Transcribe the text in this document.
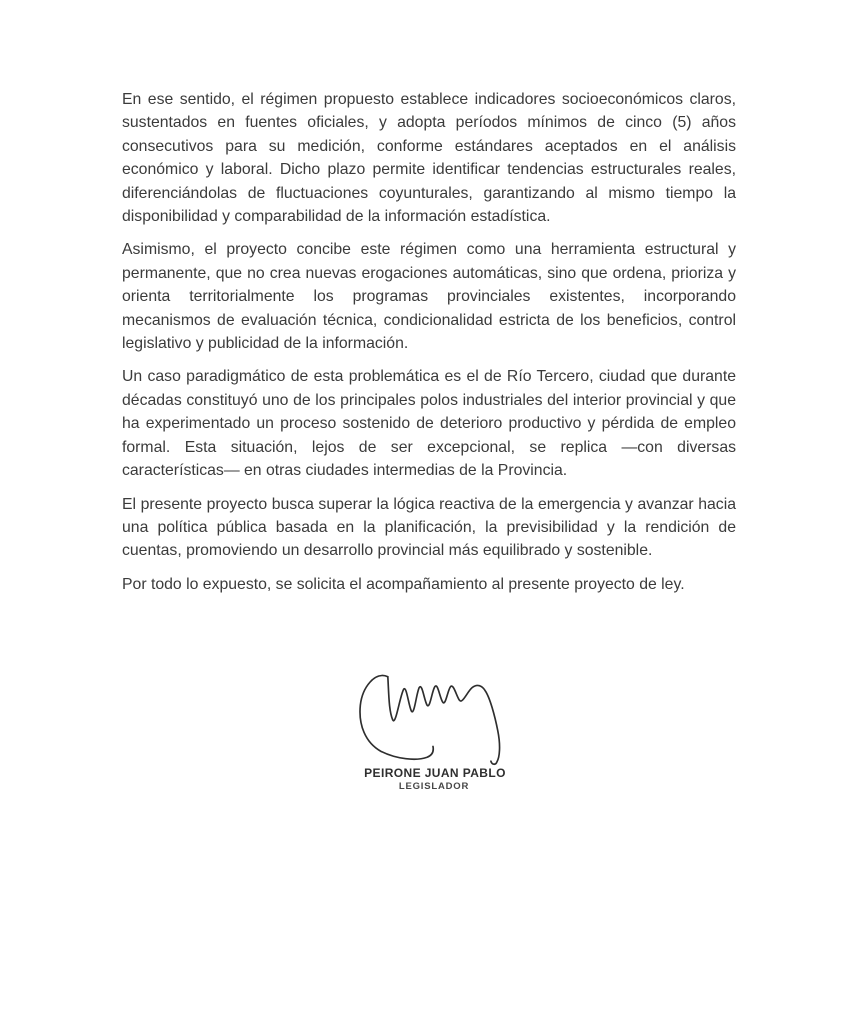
En ese sentido, el régimen propuesto establece indicadores socioeconómicos claros, sustentados en fuentes oficiales, y adopta períodos mínimos de cinco (5) años consecutivos para su medición, conforme estándares aceptados en el análisis económico y laboral. Dicho plazo permite identificar tendencias estructurales reales, diferenciándolas de fluctuaciones coyunturales, garantizando al mismo tiempo la disponibilidad y comparabilidad de la información estadística.

Asimismo, el proyecto concibe este régimen como una herramienta estructural y permanente, que no crea nuevas erogaciones automáticas, sino que ordena, prioriza y orienta territorialmente los programas provinciales existentes, incorporando mecanismos de evaluación técnica, condicionalidad estricta de los beneficios, control legislativo y publicidad de la información.

Un caso paradigmático de esta problemática es el de Río Tercero, ciudad que durante décadas constituyó uno de los principales polos industriales del interior provincial y que ha experimentado un proceso sostenido de deterioro productivo y pérdida de empleo formal. Esta situación, lejos de ser excepcional, se replica —con diversas características— en otras ciudades intermedias de la Provincia.

El presente proyecto busca superar la lógica reactiva de la emergencia y avanzar hacia una política pública basada en la planificación, la previsibilidad y la rendición de cuentas, promoviendo un desarrollo provincial más equilibrado y sostenible.

Por todo lo expuesto, se solicita el acompañamiento al presente proyecto de ley.

PEIRONE JUAN PABLO
LEGISLADOR
